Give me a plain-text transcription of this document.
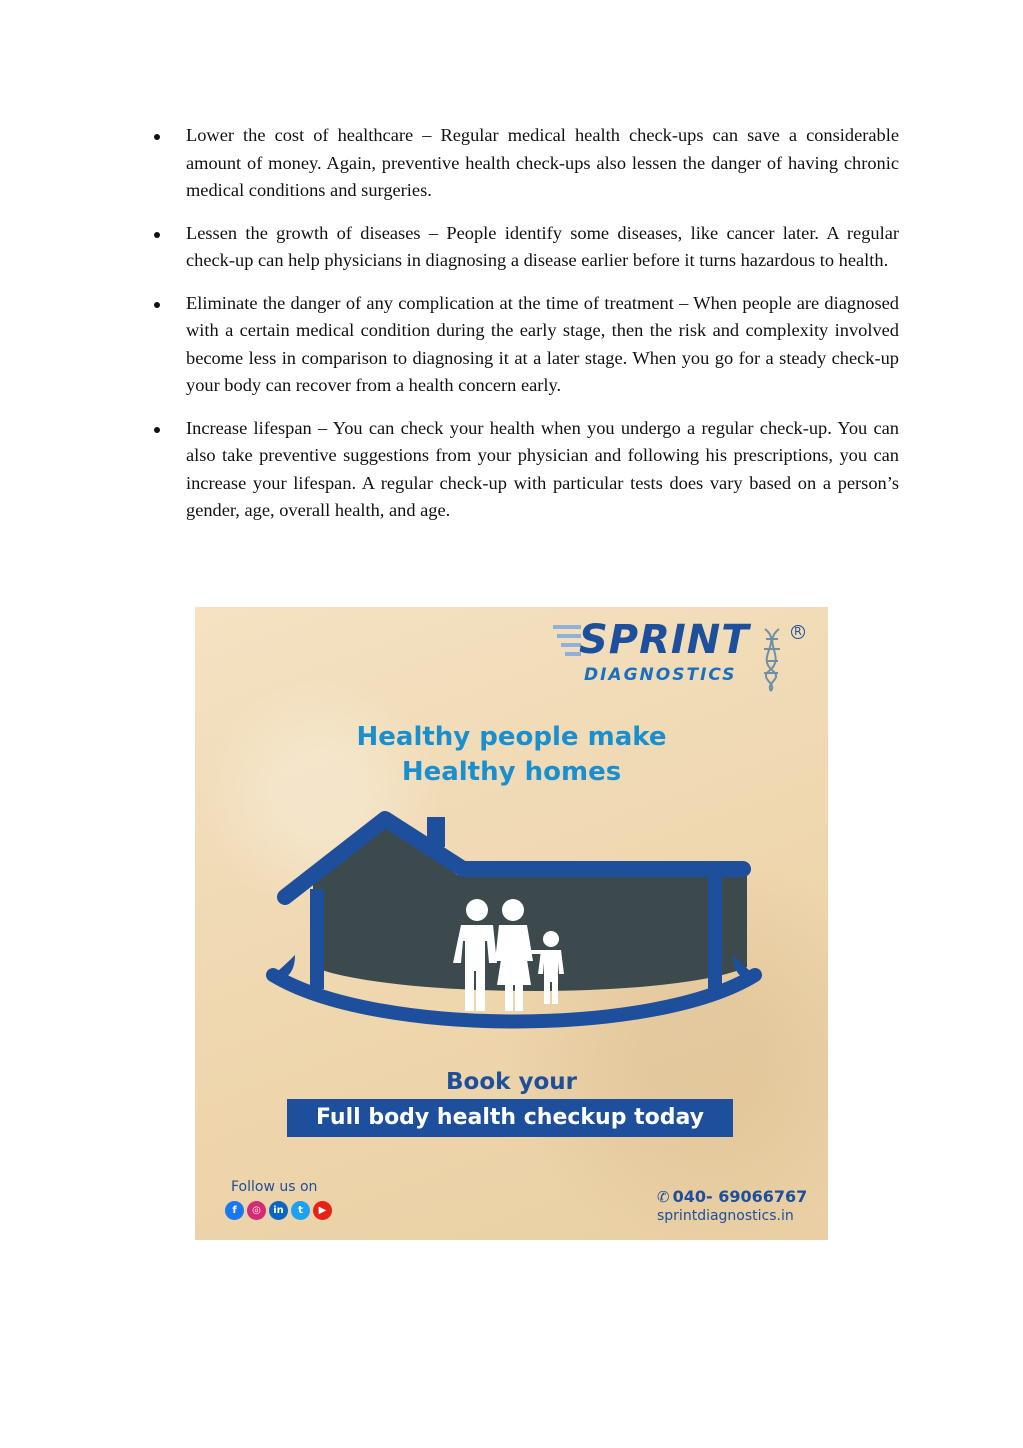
Lower the cost of healthcare – Regular medical health check-ups can save a considerable amount of money. Again, preventive health check-ups also lessen the danger of having chronic medical conditions and surgeries.
Lessen the growth of diseases – People identify some diseases, like cancer later. A regular check-up can help physicians in diagnosing a disease earlier before it turns hazardous to health.
Eliminate the danger of any complication at the time of treatment – When people are diagnosed with a certain medical condition during the early stage, then the risk and complexity involved become less in comparison to diagnosing it at a later stage. When you go for a steady check-up your body can recover from a health concern early.
Increase lifespan – You can check your health when you undergo a regular check-up. You can also take preventive suggestions from your physician and following his prescriptions, you can increase your lifespan. A regular check-up with particular tests does vary based on a person’s gender, age, overall health, and age.
SPRINT	R
DIAGNOSTICS
Healthy people make
Healthy homes
Book your
Full body health checkup today
Follow us on
f	◎	in	t	▶
✆ 040- 69066767
sprintdiagnostics.in
